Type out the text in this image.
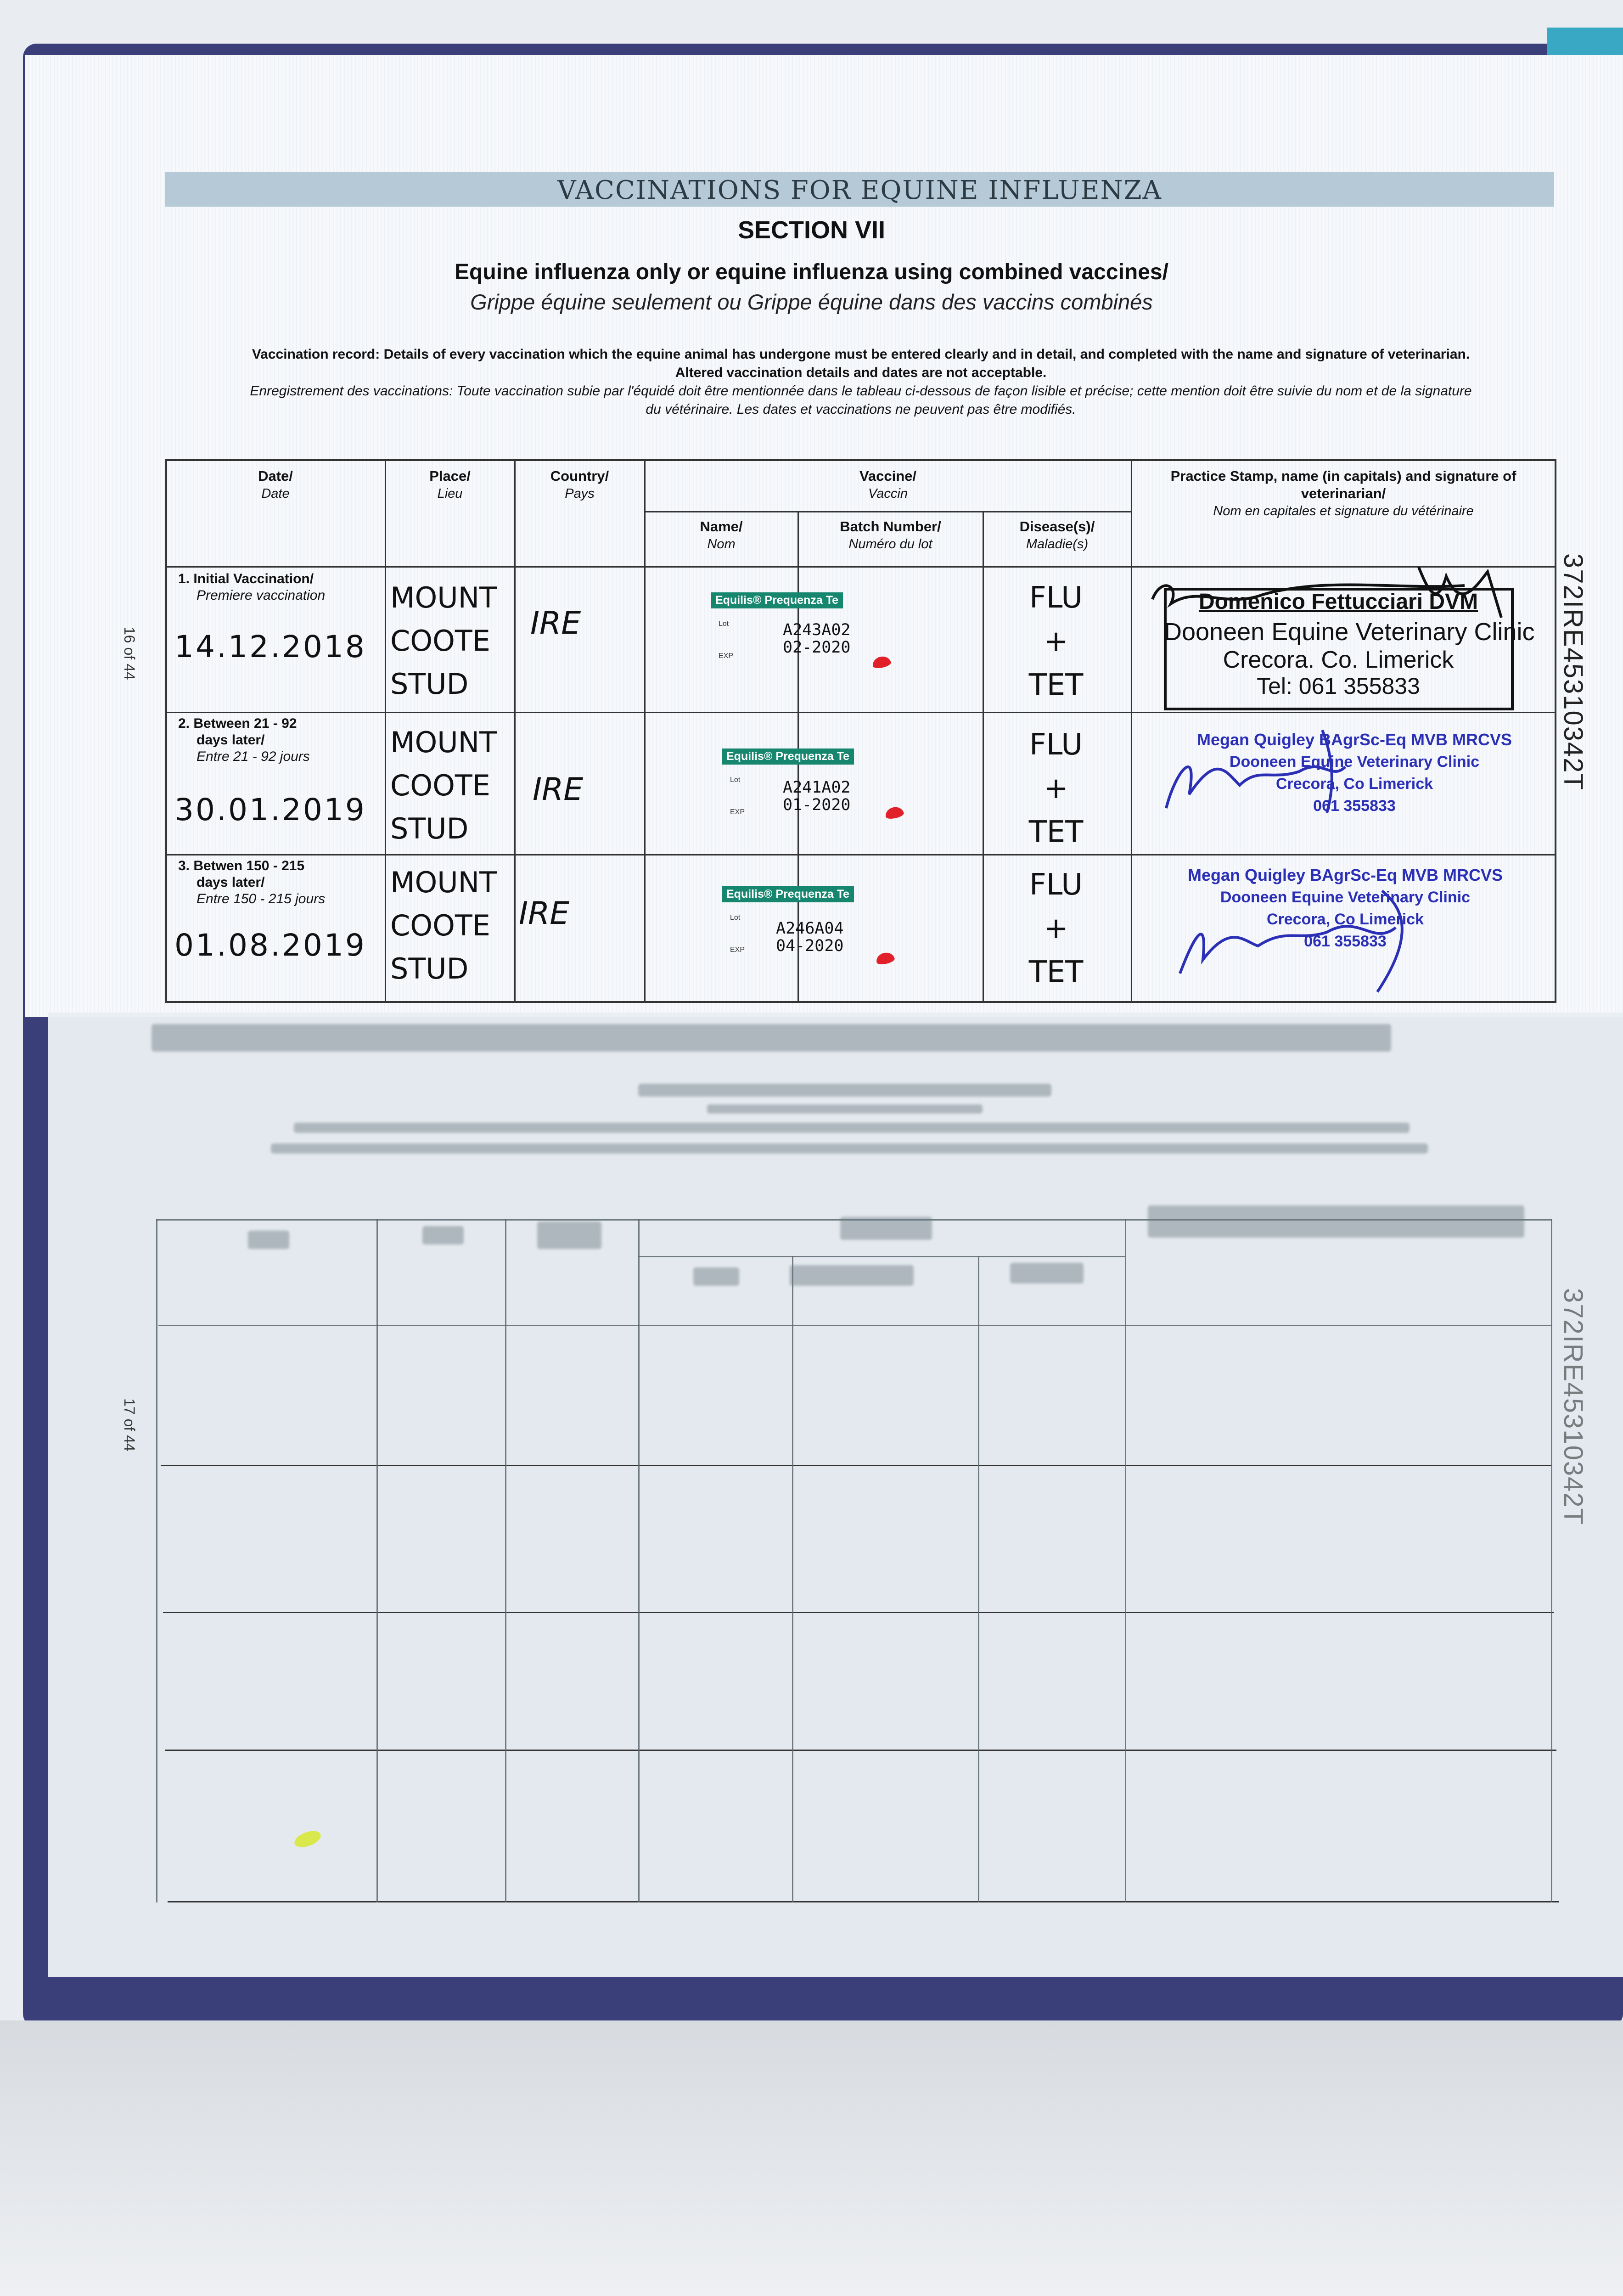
VACCINATIONS FOR EQUINE INFLUENZA
SECTION VII
Equine influenza only or equine influenza using combined vaccines/
Grippe équine seulement ou Grippe équine dans des vaccins combinés
Vaccination record: Details of every vaccination which the equine animal has undergone must be entered clearly and in detail, and completed with the name and signature of veterinarian.
Altered vaccination details and dates are not acceptable.
Enregistrement des vaccinations: Toute vaccination subie par l'équidé doit être mentionnée dans le tableau ci-dessous de façon lisible et précise; cette mention doit être suivie du nom et de la signature
du vétérinaire. Les dates et vaccinations ne peuvent pas être modifiés.
16 of 44	372IRE45310342T
Date/
Date
Place/
Lieu
Country/
Pays
Vaccine/
Vaccin
Name/
Nom
Batch Number/
Numéro du lot
Disease(s)/
Maladie(s)
Practice Stamp, name (in capitals) and signature of
veterinarian/
Nom en capitales et signature du vétérinaire
1. Initial Vaccination/
Premiere vaccination
14.12.2018
MOUNT
COOTE
STUD
IRE
Equilis® Prequenza Te
Lot
EXP
A243A02
02-2020
FLU
+
TET
Domenico Fettucciari DVM
Dooneen Equine Veterinary Clinic
Crecora. Co. Limerick
Tel: 061 355833
2. Between 21 - 92
days later/
Entre 21 - 92 jours
30.01.2019
MOUNT
COOTE
STUD
IRE
Equilis® Prequenza Te
Lot
EXP
A241A02
01-2020
FLU
+
TET
Megan Quigley BAgrSc-Eq MVB MRCVS
Dooneen Equine Veterinary Clinic
Crecora, Co Limerick
061 355833
3. Betwen 150 - 215
days later/
Entre 150 - 215 jours
01.08.2019
MOUNT
COOTE
STUD
IRE
Equilis® Prequenza Te
Lot
EXP
A246A04
04-2020
FLU
+
TET
Megan Quigley BAgrSc-Eq MVB MRCVS
Dooneen Equine Veterinary Clinic
Crecora, Co Limerick
061 355833
17 of 44	372IRE45310342T
